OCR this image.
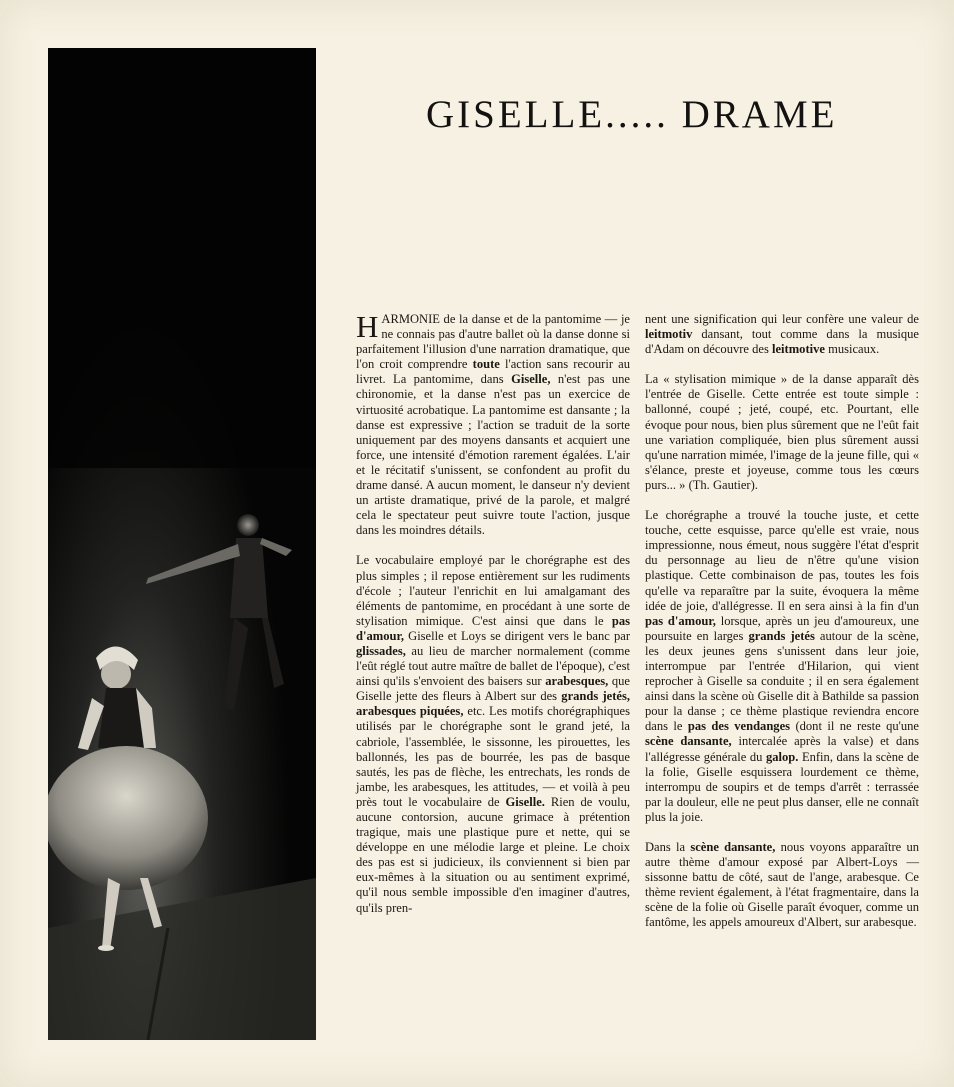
GISELLE..... DRAME

HARMONIE de la danse et de la pantomime — je ne connais pas d'autre ballet où la danse donne si parfaitement l'illusion d'une narration dramatique, que l'on croit comprendre toute l'action sans recourir au livret. La pantomime, dans Giselle, n'est pas une chironomie, et la danse n'est pas un exercice de virtuosité acrobatique. La pantomime est dansante ; la danse est expressive ; l'action se traduit de la sorte uniquement par des moyens dansants et acquiert une force, une intensité d'émotion rarement égalées. L'air et le récitatif s'unissent, se confondent au profit du drame dansé. A aucun moment, le danseur n'y devient un artiste dramatique, privé de la parole, et malgré cela le spectateur peut suivre toute l'action, jusque dans les moindres détails.

Le vocabulaire employé par le chorégraphe est des plus simples ; il repose entièrement sur les rudiments d'école ; l'auteur l'enrichit en lui amalgamant des éléments de pantomime, en procédant à une sorte de stylisation mimique. C'est ainsi que dans le pas d'amour, Giselle et Loys se dirigent vers le banc par glissades, au lieu de marcher normalement (comme l'eût réglé tout autre maître de ballet de l'époque), c'est ainsi qu'ils s'envoient des baisers sur arabesques, que Giselle jette des fleurs à Albert sur des grands jetés, arabesques piquées, etc. Les motifs chorégraphiques utilisés par le chorégraphe sont le grand jeté, la cabriole, l'assemblée, le sissonne, les pirouettes, les ballonnés, les pas de bourrée, les pas de basque sautés, les pas de flèche, les entrechats, les ronds de jambe, les arabesques, les attitudes, — et voilà à peu près tout le vocabulaire de Giselle. Rien de voulu, aucune contorsion, aucune grimace à prétention tragique, mais une plastique pure et nette, qui se développe en une mélodie large et pleine. Le choix des pas est si judicieux, ils conviennent si bien par eux-mêmes à la situation ou au sentiment exprimé, qu'il nous semble impossible d'en imaginer d'autres, qu'ils pren-

nent une signification qui leur confère une valeur de leitmotiv dansant, tout comme dans la musique d'Adam on découvre des leitmotive musicaux.

La « stylisation mimique » de la danse apparaît dès l'entrée de Giselle. Cette entrée est toute simple : ballonné, coupé ; jeté, coupé, etc. Pourtant, elle évoque pour nous, bien plus sûrement que ne l'eût fait une variation compliquée, bien plus sûrement aussi qu'une narration mimée, l'image de la jeune fille, qui « s'élance, preste et joyeuse, comme tous les cœurs purs... » (Th. Gautier).

Le chorégraphe a trouvé la touche juste, et cette touche, cette esquisse, parce qu'elle est vraie, nous impressionne, nous émeut, nous suggère l'état d'esprit du personnage au lieu de n'être qu'une vision plastique. Cette combinaison de pas, toutes les fois qu'elle va reparaître par la suite, évoquera la même idée de joie, d'allégresse. Il en sera ainsi à la fin d'un pas d'amour, lorsque, après un jeu d'amoureux, une poursuite en larges grands jetés autour de la scène, les deux jeunes gens s'unissent dans leur joie, interrompue par l'entrée d'Hilarion, qui vient reprocher à Giselle sa conduite ; il en sera également ainsi dans la scène où Giselle dit à Bathilde sa passion pour la danse ; ce thème plastique reviendra encore dans le pas des vendanges (dont il ne reste qu'une scène dansante, intercalée après la valse) et dans l'allégresse générale du galop. Enfin, dans la scène de la folie, Giselle esquissera lourdement ce thème, interrompu de soupirs et de temps d'arrêt : terrassée par la douleur, elle ne peut plus danser, elle ne connaît plus la joie.

Dans la scène dansante, nous voyons apparaître un autre thème d'amour exposé par Albert-Loys — sissonne battu de côté, saut de l'ange, arabesque. Ce thème revient également, à l'état fragmentaire, dans la scène de la folie où Giselle paraît évoquer, comme un fantôme, les appels amoureux d'Albert, sur arabesque.
